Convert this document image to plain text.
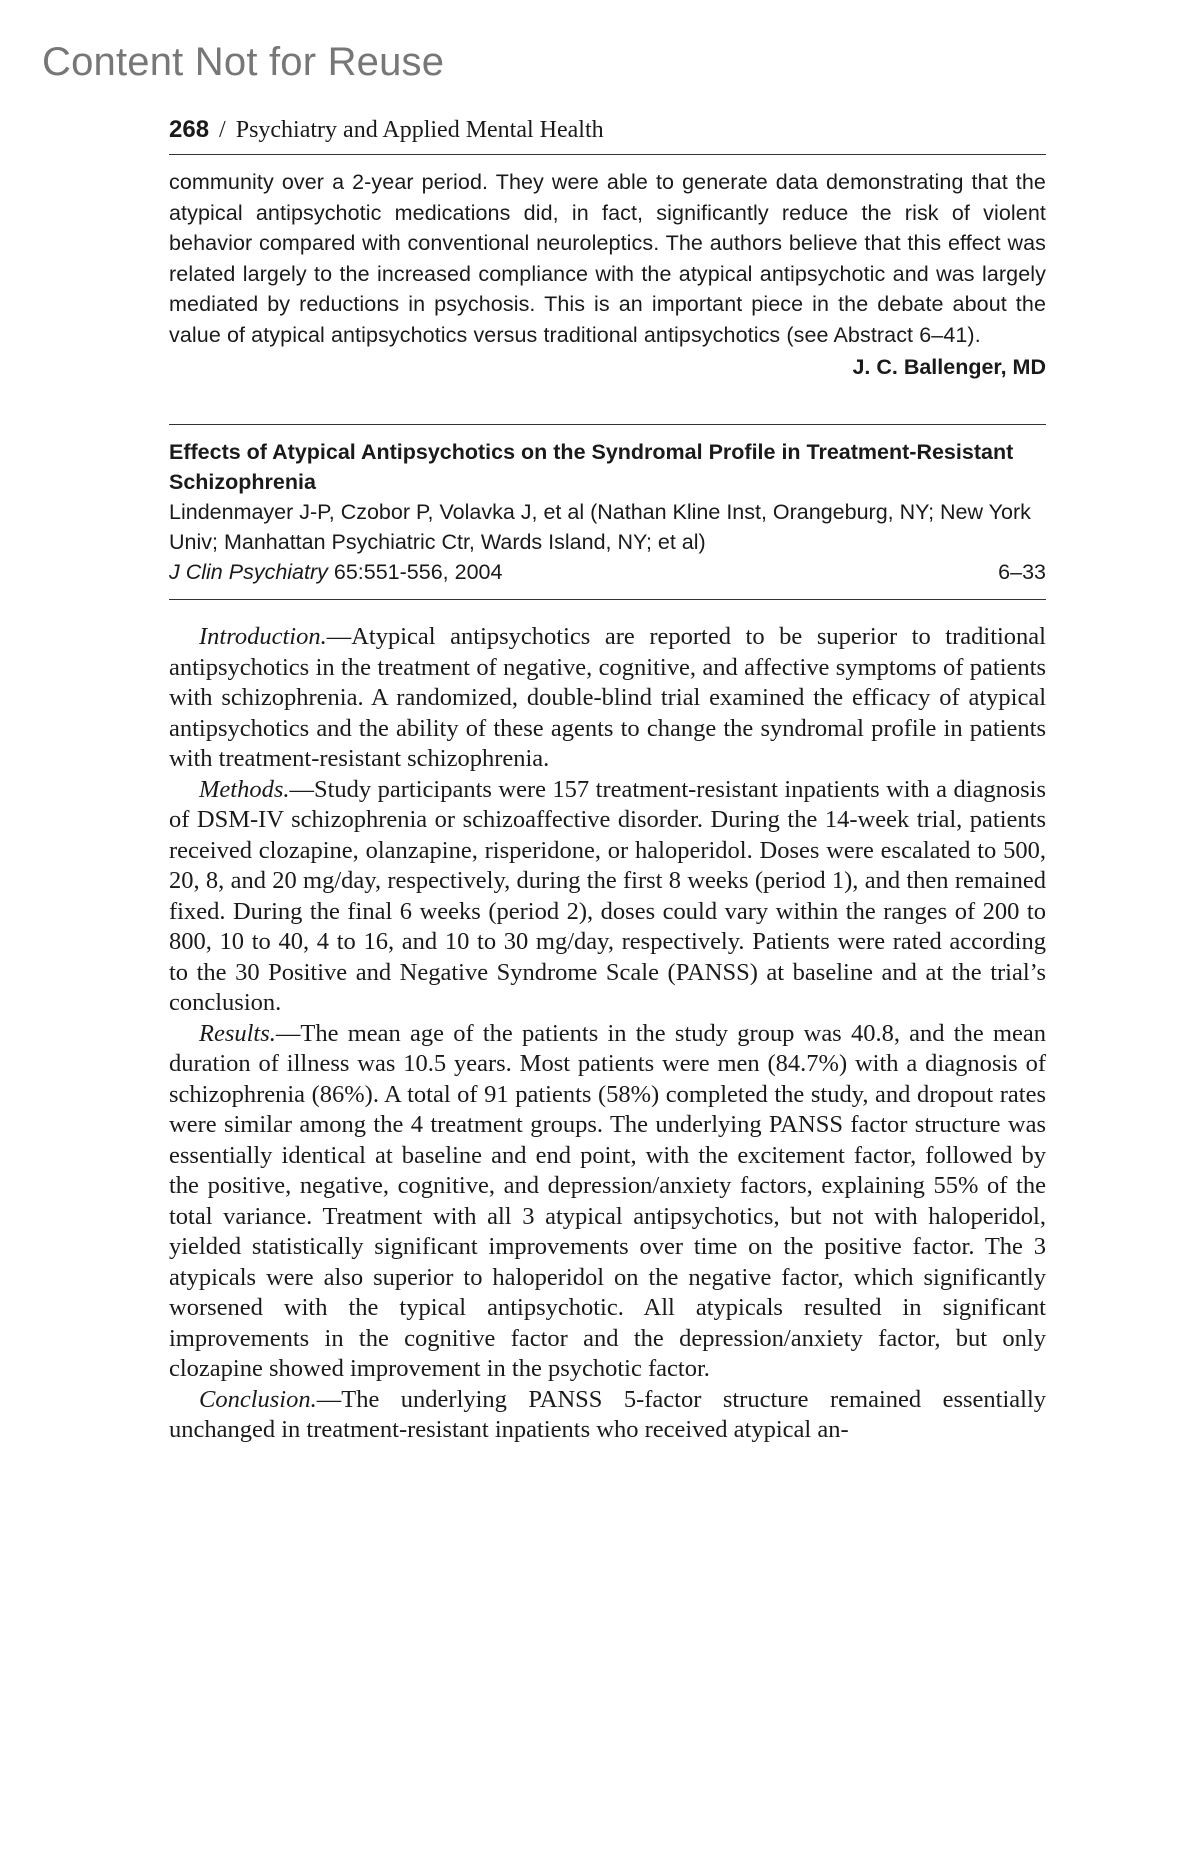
Content Not for Reuse
268 / Psychiatry and Applied Mental Health
community over a 2-year period. They were able to generate data demonstrating that the atypical antipsychotic medications did, in fact, significantly reduce the risk of violent behavior compared with conventional neuroleptics. The authors believe that this effect was related largely to the increased compliance with the atypical antipsychotic and was largely mediated by reductions in psychosis. This is an important piece in the debate about the value of atypical antipsychotics versus traditional antipsychotics (see Abstract 6–41).
J. C. Ballenger, MD
Effects of Atypical Antipsychotics on the Syndromal Profile in Treatment-Resistant Schizophrenia
Lindenmayer J-P, Czobor P, Volavka J, et al (Nathan Kline Inst, Orangeburg, NY; New York Univ; Manhattan Psychiatric Ctr, Wards Island, NY; et al)
J Clin Psychiatry 65:551-556, 2004	6–33

Introduction.—Atypical antipsychotics are reported to be superior to traditional antipsychotics in the treatment of negative, cognitive, and affective symptoms of patients with schizophrenia. A randomized, double-blind trial examined the efficacy of atypical antipsychotics and the ability of these agents to change the syndromal profile in patients with treatment-resistant schizophrenia.

Methods.—Study participants were 157 treatment-resistant inpatients with a diagnosis of DSM-IV schizophrenia or schizoaffective disorder. During the 14-week trial, patients received clozapine, olanzapine, risperidone, or haloperidol. Doses were escalated to 500, 20, 8, and 20 mg/day, respectively, during the first 8 weeks (period 1), and then remained fixed. During the final 6 weeks (period 2), doses could vary within the ranges of 200 to 800, 10 to 40, 4 to 16, and 10 to 30 mg/day, respectively. Patients were rated according to the 30 Positive and Negative Syndrome Scale (PANSS) at baseline and at the trial’s conclusion.

Results.—The mean age of the patients in the study group was 40.8, and the mean duration of illness was 10.5 years. Most patients were men (84.7%) with a diagnosis of schizophrenia (86%). A total of 91 patients (58%) completed the study, and dropout rates were similar among the 4 treatment groups. The underlying PANSS factor structure was essentially identical at baseline and end point, with the excitement factor, followed by the positive, negative, cognitive, and depression/anxiety factors, explaining 55% of the total variance. Treatment with all 3 atypical antipsychotics, but not with haloperidol, yielded statistically significant improvements over time on the positive factor. The 3 atypicals were also superior to haloperidol on the negative factor, which significantly worsened with the typical antipsychotic. All atypicals resulted in significant improvements in the cognitive factor and the depression/anxiety factor, but only clozapine showed improvement in the psychotic factor.

Conclusion.—The underlying PANSS 5-factor structure remained essentially unchanged in treatment-resistant inpatients who received atypical an-
